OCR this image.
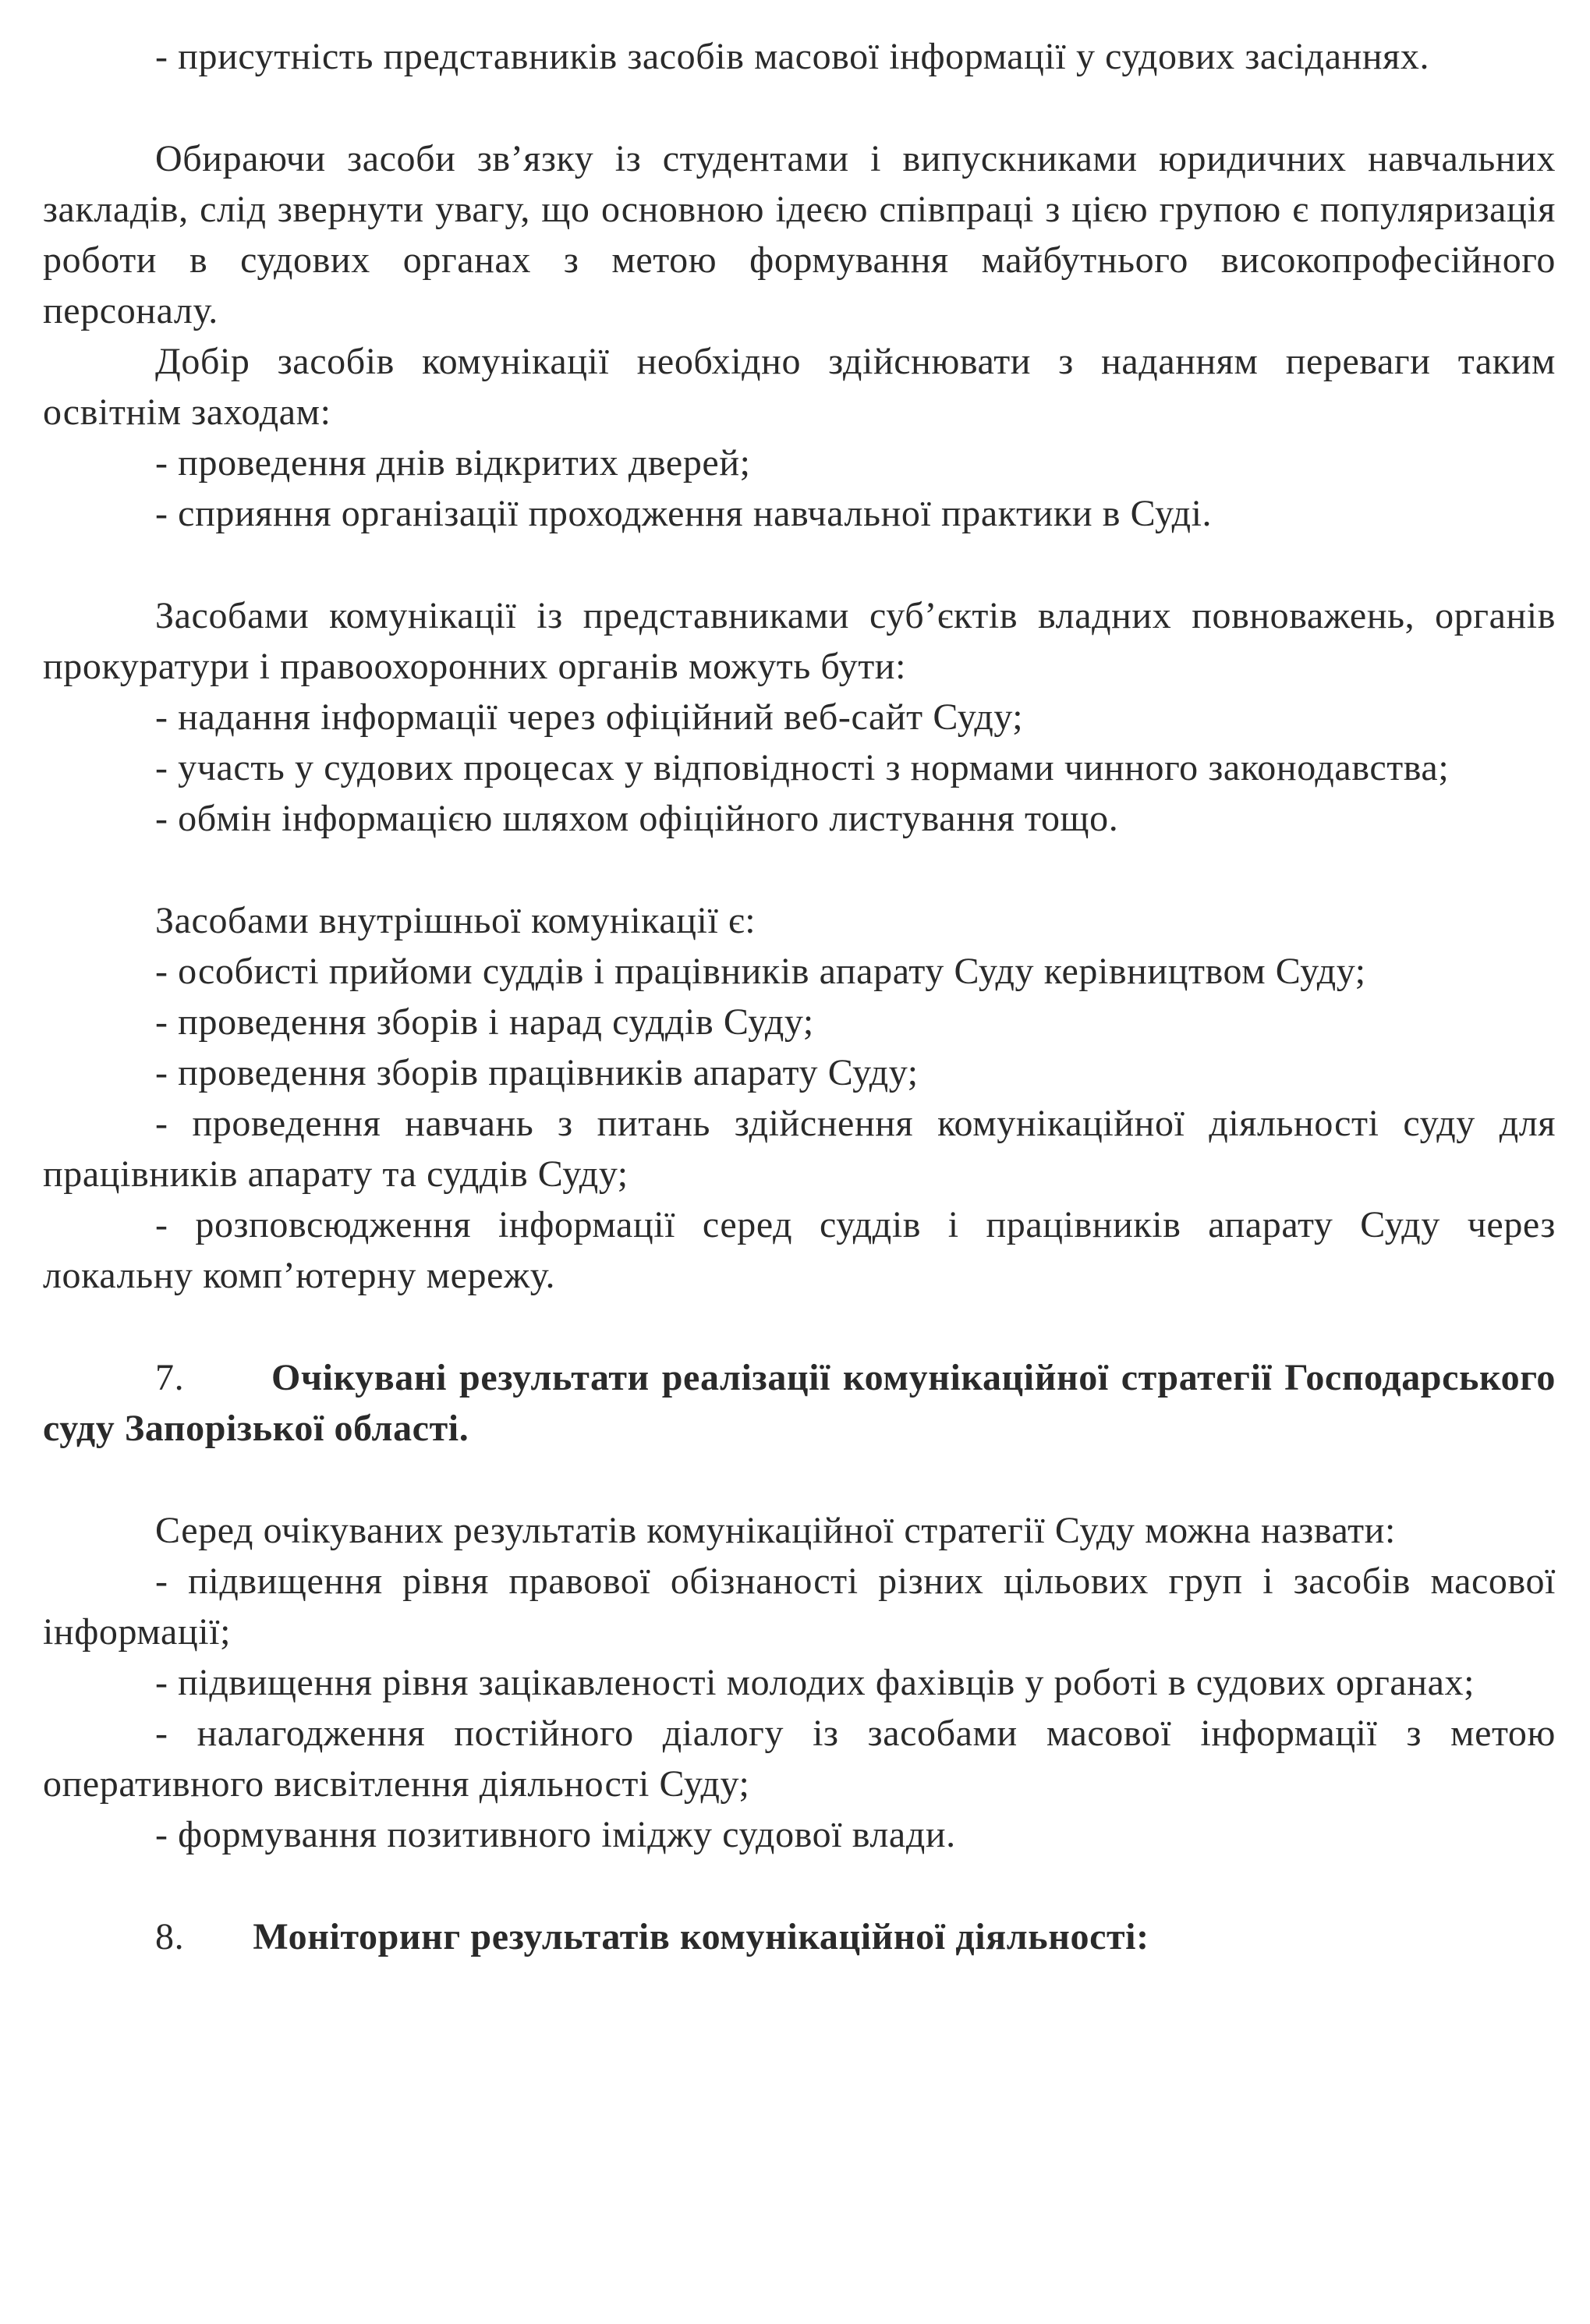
- присутність представників засобів масової інформації у судових засіданнях.

Обираючи засоби зв’язку із студентами і випускниками юридичних навчальних закладів, слід звернути увагу, що основною ідеєю співпраці з цією групою є популяризація роботи в судових органах з метою формування майбутнього високопрофесійного персоналу.

Добір засобів комунікації необхідно здійснювати з наданням переваги таким освітнім заходам:

- проведення днів відкритих дверей;

- сприяння організації проходження навчальної практики в Суді.

Засобами комунікації із представниками суб’єктів владних повноважень, органів прокуратури і правоохоронних органів можуть бути:

- надання інформації через офіційний веб-сайт Суду;

- участь у судових процесах у відповідності з нормами чинного законодавства;

- обмін інформацією шляхом офіційного листування тощо.

Засобами внутрішньої комунікації є:

- особисті прийоми суддів і працівників апарату Суду керівництвом Суду;

- проведення зборів і нарад суддів Суду;

- проведення зборів працівників апарату Суду;

- проведення навчань з питань здійснення комунікаційної діяльності суду для працівників апарату та суддів Суду;

- розповсюдження інформації серед суддів і працівників апарату Суду через локальну комп’ютерну мережу.

7. Очікувані результати реалізації комунікаційної стратегії Господарського суду Запорізької області.

Серед очікуваних результатів комунікаційної стратегії Суду можна назвати:

- підвищення рівня правової обізнаності різних цільових груп і засобів масової інформації;

- підвищення рівня зацікавленості молодих фахівців у роботі в судових органах;

- налагодження постійного діалогу із засобами масової інформації з метою оперативного висвітлення діяльності Суду;

- формування позитивного іміджу судової влади.

8. Моніторинг результатів комунікаційної діяльності:
